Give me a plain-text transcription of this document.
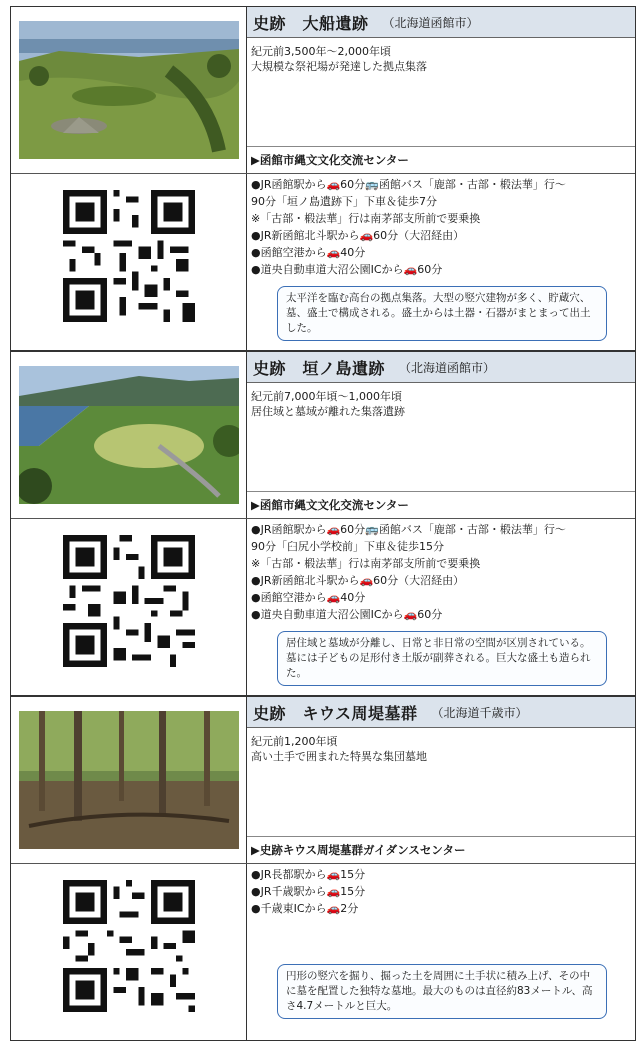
史跡　大船遺跡 （北海道函館市）
紀元前3,500年～2,000年頃
大規模な祭祀場が発達した拠点集落
▶函館市縄文文化交流センター
●JR函館駅から🚗60分🚌函館バス「鹿部・古部・椴法華」行～
90分「垣ノ島遺跡下」下車＆徒歩7分
※「古部・椴法華」行は南茅部支所前で要乗換
●JR新函館北斗駅から🚗60分（大沼経由）
●函館空港から🚗40分
●道央自動車道大沼公園ICから🚗60分
太平洋を臨む高台の拠点集落。大型の竪穴建物が多く、貯蔵穴、墓、盛土で構成される。盛土からは土器・石器がまとまって出土した。
史跡　垣ノ島遺跡 （北海道函館市）
紀元前7,000年頃～1,000年頃
居住域と墓域が離れた集落遺跡
▶函館市縄文文化交流センター
●JR函館駅から🚗60分🚌函館バス「鹿部・古部・椴法華」行～
90分「臼尻小学校前」下車＆徒歩15分
※「古部・椴法華」行は南茅部支所前で要乗換
●JR新函館北斗駅から🚗60分（大沼経由）
●函館空港から🚗40分
●道央自動車道大沼公園ICから🚗60分
居住域と墓域が分離し、日常と非日常の空間が区別されている。墓には子どもの足形付き土版が副葬される。巨大な盛土も造られた。
史跡　キウス周堤墓群 （北海道千歳市）
紀元前1,200年頃
高い土手で囲まれた特異な集団墓地
▶史跡キウス周堤墓群ガイダンスセンター
●JR長都駅から🚗15分
●JR千歳駅から🚗15分
●千歳東ICから🚗2分
円形の竪穴を掘り、掘った土を周囲に土手状に積み上げ、その中に墓を配置した独特な墓地。最大のものは直径約83メートル、高さ4.7メートルと巨大。
